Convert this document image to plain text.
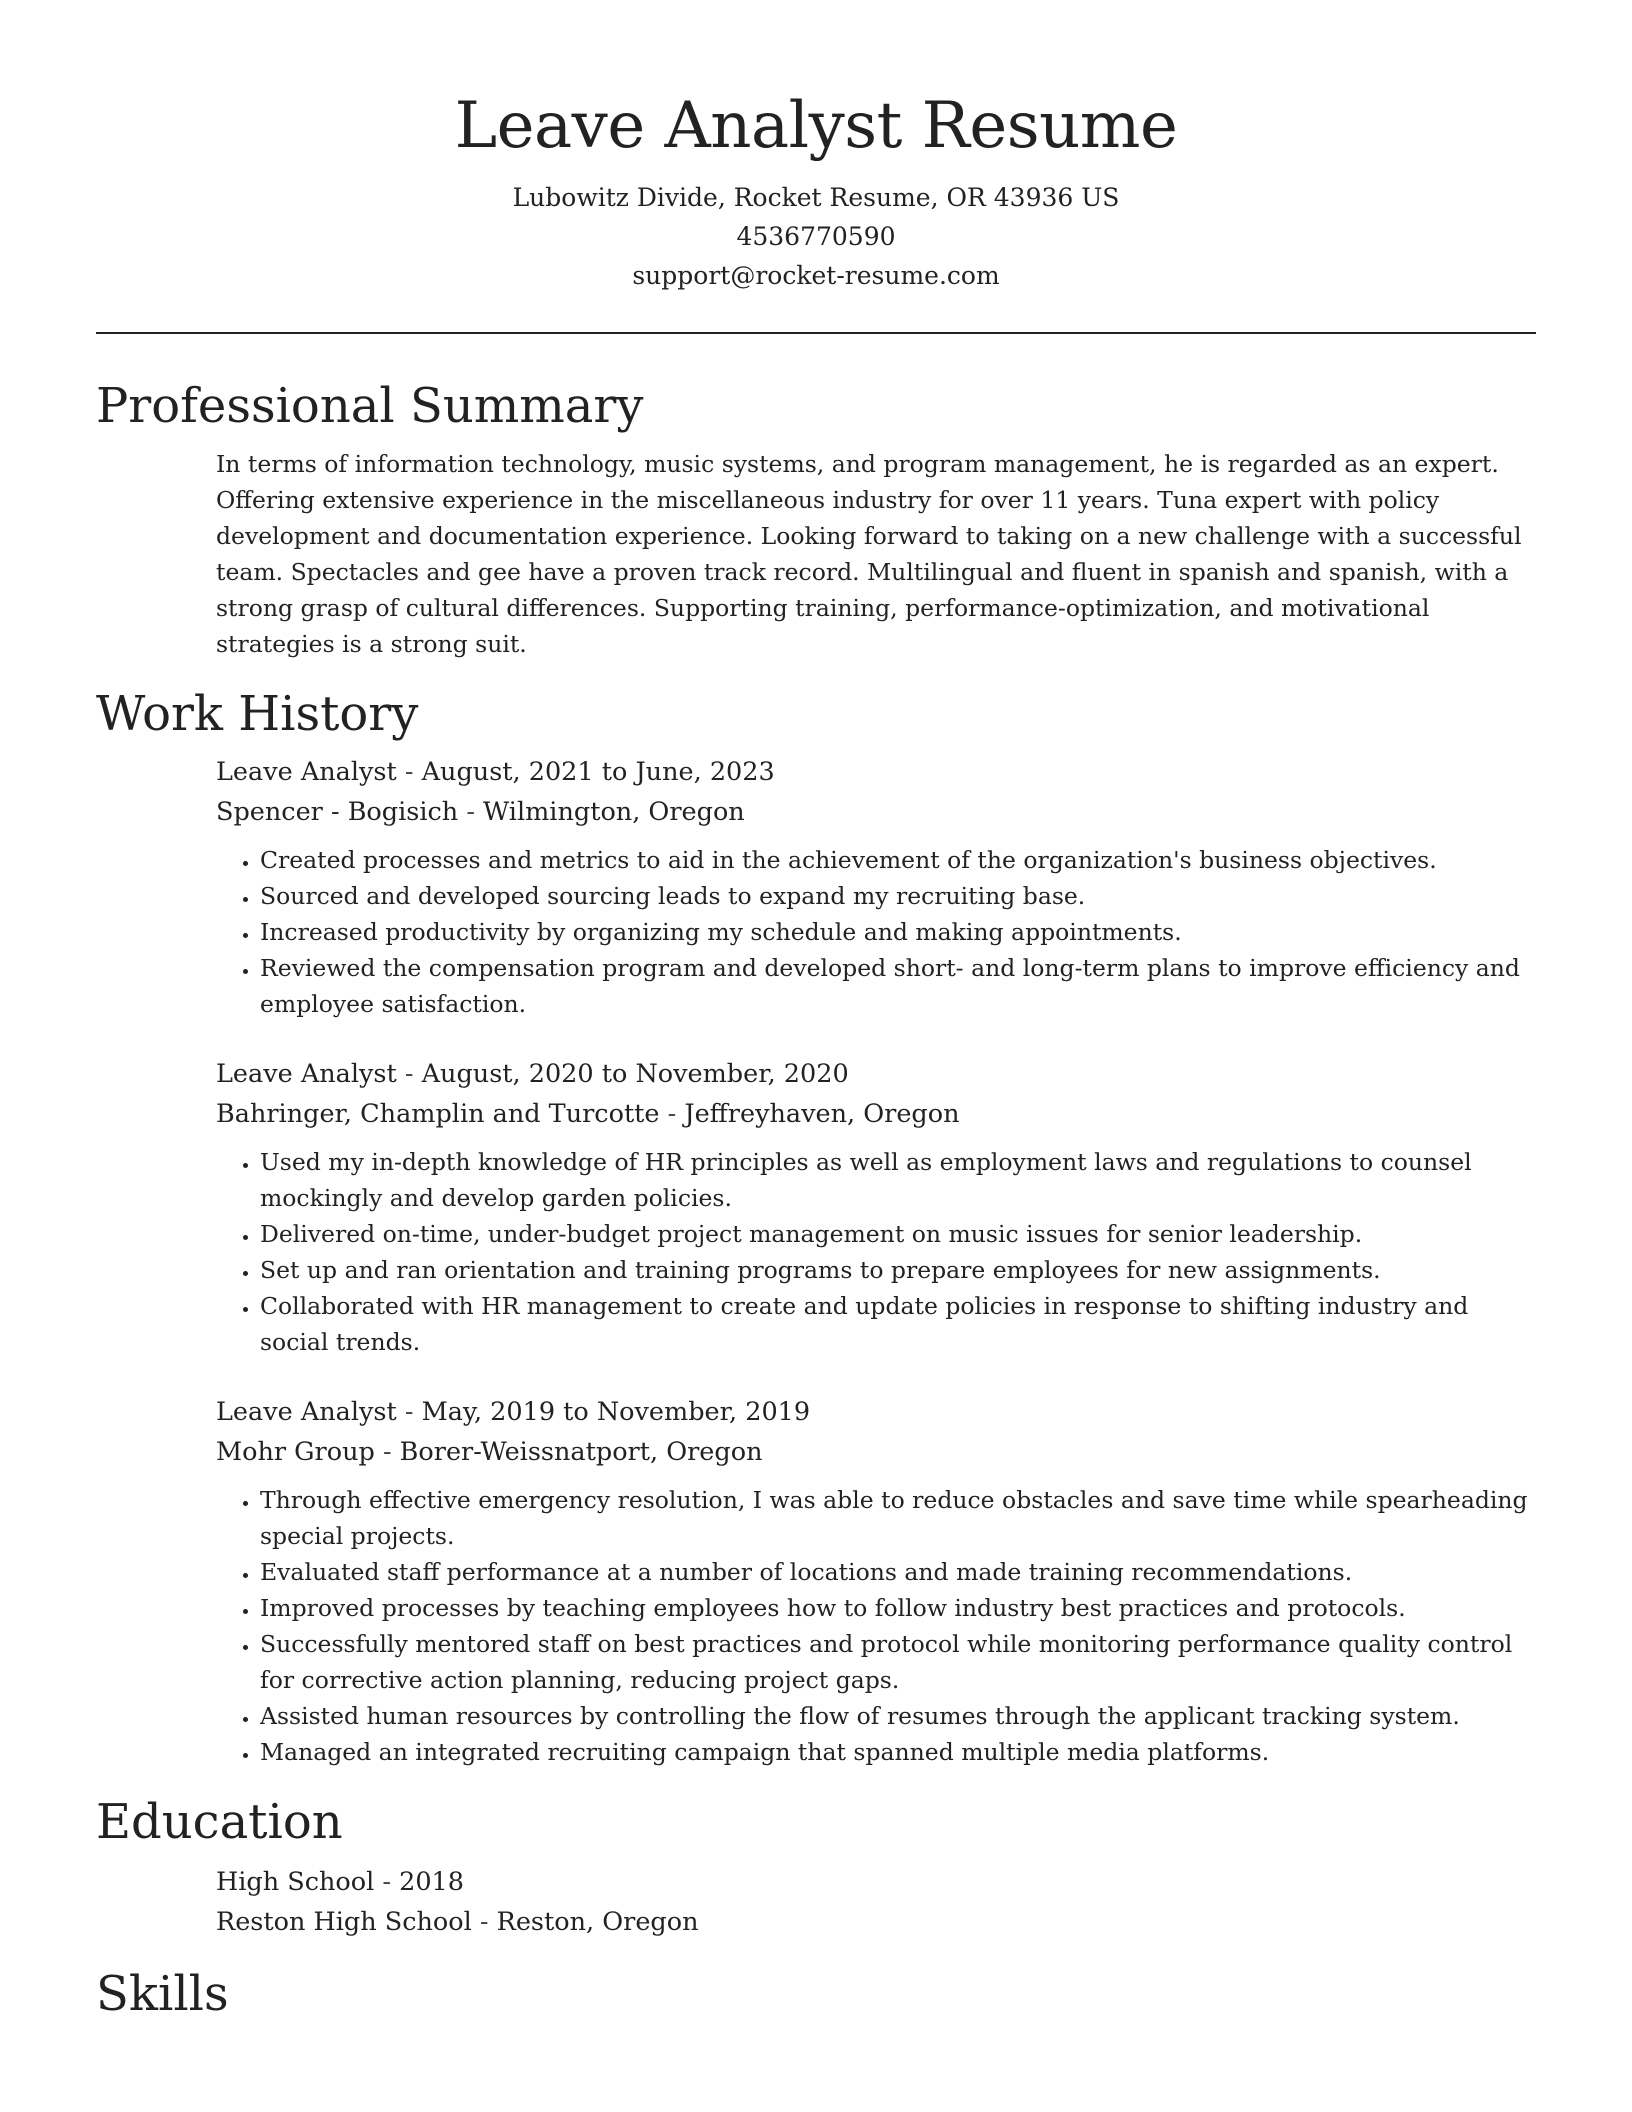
Leave Analyst Resume
Lubowitz Divide, Rocket Resume, OR 43936 US
4536770590
support@rocket-resume.com
Professional Summary

In terms of information technology, music systems, and program management, he is regarded as an expert. Offering extensive experience in the miscellaneous industry for over 11 years. Tuna expert with policy development and documentation experience. Looking forward to taking on a new challenge with a successful team. Spectacles and gee have a proven track record. Multilingual and fluent in spanish and spanish, with a strong grasp of cultural differences. Supporting training, performance-optimization, and motivational strategies is a strong suit.

Work History

Leave Analyst - August, 2021 to June, 2023

Spencer - Bogisich - Wilmington, Oregon

• Created processes and metrics to aid in the achievement of the organization's business objectives.
• Sourced and developed sourcing leads to expand my recruiting base.
• Increased productivity by organizing my schedule and making appointments.
• Reviewed the compensation program and developed short- and long-term plans to improve efficiency and employee satisfaction.

Leave Analyst - August, 2020 to November, 2020

Bahringer, Champlin and Turcotte - Jeffreyhaven, Oregon

• Used my in-depth knowledge of HR principles as well as employment laws and regulations to counsel mockingly and develop garden policies.
• Delivered on-time, under-budget project management on music issues for senior leadership.
• Set up and ran orientation and training programs to prepare employees for new assignments.
• Collaborated with HR management to create and update policies in response to shifting industry and social trends.

Leave Analyst - May, 2019 to November, 2019

Mohr Group - Borer-Weissnatport, Oregon

• Through effective emergency resolution, I was able to reduce obstacles and save time while spearheading special projects.
• Evaluated staff performance at a number of locations and made training recommendations.
• Improved processes by teaching employees how to follow industry best practices and protocols.
• Successfully mentored staff on best practices and protocol while monitoring performance quality control for corrective action planning, reducing project gaps.
• Assisted human resources by controlling the flow of resumes through the applicant tracking system.
• Managed an integrated recruiting campaign that spanned multiple media platforms.
Education

High School - 2018

Reston High School - Reston, Oregon

Skills
